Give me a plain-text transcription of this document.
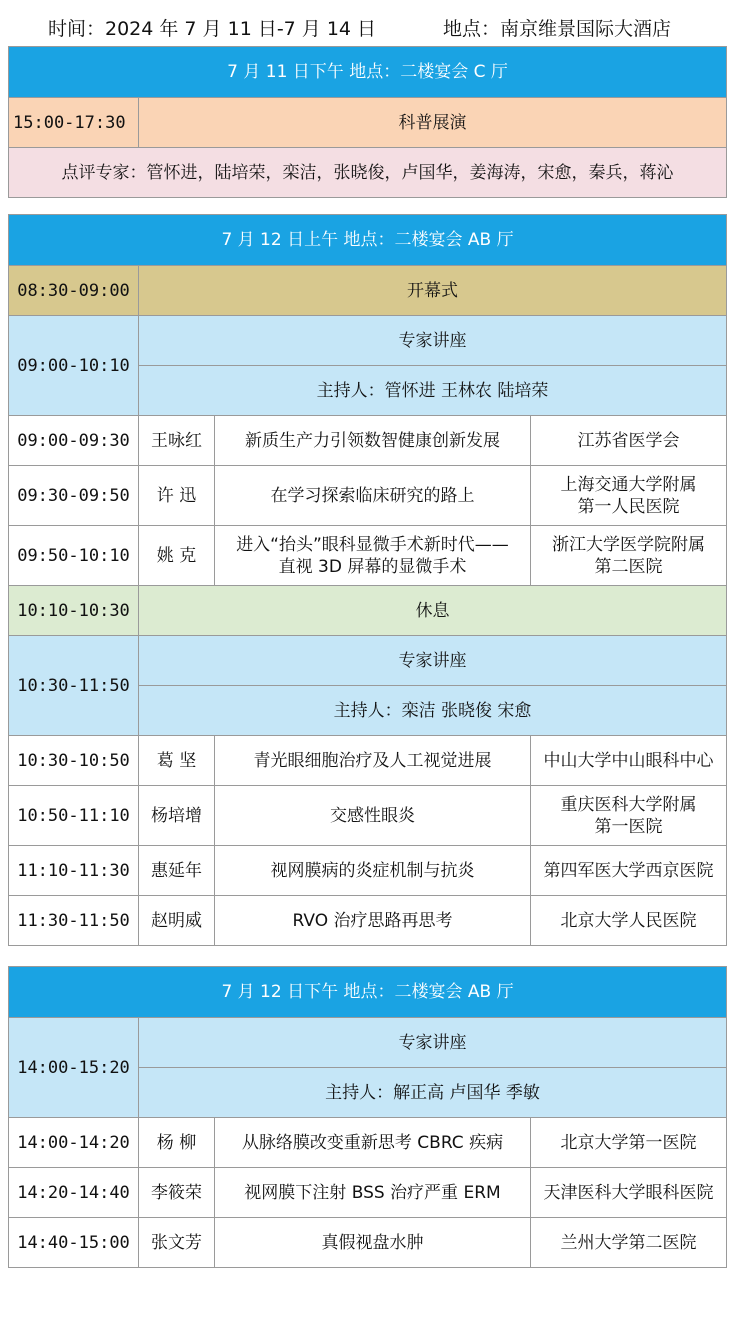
时间：2024 年 7 月 11 日-7 月 14 日	地点：南京维景国际大酒店
7 月 11 日下午 地点：二楼宴会 C 厅
15:00-17:30	科普展演
点评专家：管怀进，陆培荣，栾洁，张晓俊，卢国华，姜海涛，宋愈，秦兵，蒋沁
7 月 12 日上午 地点：二楼宴会 AB 厅			
08:30-09:00	开幕式		
09:00-10:10	专家讲座		
	主持人：管怀进 王林农 陆培荣		
09:00-09:30	王咏红	新质生产力引领数智健康创新发展	江苏省医学会
09:30-09:50	许 迅	在学习探索临床研究的路上	上海交通大学附属
第一人民医院
09:50-10:10	姚 克	进入“抬头”眼科显微手术新时代——
直视 3D 屏幕的显微手术	浙江大学医学院附属
第二医院
10:10-10:30	休息		
10:30-11:50	专家讲座		
	主持人：栾洁 张晓俊 宋愈		
10:30-10:50	葛 坚	青光眼细胞治疗及人工视觉进展	中山大学中山眼科中心
10:50-11:10	杨培增	交感性眼炎	重庆医科大学附属
第一医院
11:10-11:30	惠延年	视网膜病的炎症机制与抗炎	第四军医大学西京医院
11:30-11:50	赵明威	RVO 治疗思路再思考	北京大学人民医院
7 月 12 日下午 地点：二楼宴会 AB 厅			
14:00-15:20	专家讲座		
	主持人：解正高 卢国华 季敏		
14:00-14:20	杨 柳	从脉络膜改变重新思考 CBRC 疾病	北京大学第一医院
14:20-14:40	李筱荣	视网膜下注射 BSS 治疗严重 ERM	天津医科大学眼科医院
14:40-15:00	张文芳	真假视盘水肿	兰州大学第二医院
